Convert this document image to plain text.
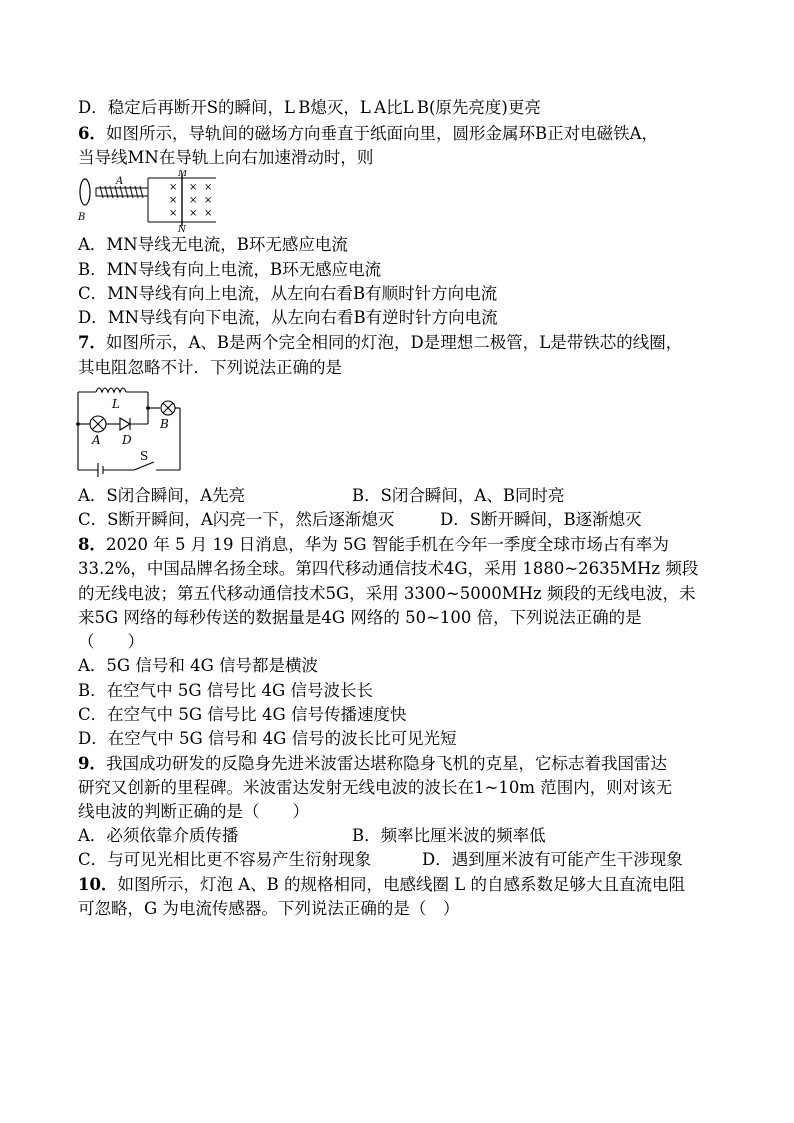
D．稳定后再断开S的瞬间，L B熄灭，L A比L B(原先亮度)更亮
6．如图所示，导轨间的磁场方向垂直于纸面向里，圆形金属环B正对电磁铁A，
当导线MN在导轨上向右加速滑动时，则
B
A
M
N
× × ×
× × ×
× × ×
A．MN导线无电流，B环无感应电流
B．MN导线有向上电流，B环无感应电流
C．MN导线有向上电流，从左向右看B有顺时针方向电流
D．MN导线有向下电流，从左向右看B有逆时针方向电流
7．如图所示，A、B是两个完全相同的灯泡，D是理想二极管，L是带铁芯的线圈，
其电阻忽略不计．下列说法正确的是
L
A D
B
S
A．S闭合瞬间，A先亮	B．S闭合瞬间，A、B同时亮
C．S断开瞬间，A闪亮一下，然后逐渐熄灭	D．S断开瞬间，B逐渐熄灭
8．2020 年 5 月 19 日消息，华为 5G 智能手机在今年一季度全球市场占有率为
33.2%，中国品牌名扬全球。第四代移动通信技术4G，采用 1880~2635MHz 频段
的无线电波；第五代移动通信技术5G，采用 3300~5000MHz 频段的无线电波，未
来5G 网络的每秒传送的数据量是4G 网络的 50~100 倍，下列说法正确的是
（　　）
A．5G 信号和 4G 信号都是横波
B．在空气中 5G 信号比 4G 信号波长长
C．在空气中 5G 信号比 4G 信号传播速度快
D．在空气中 5G 信号和 4G 信号的波长比可见光短
9．我国成功研发的反隐身先进米波雷达堪称隐身飞机的克星，它标志着我国雷达
研究又创新的里程碑。米波雷达发射无线电波的波长在1~10m 范围内，则对该无
线电波的判断正确的是（　　）
A．必须依靠介质传播	B．频率比厘米波的频率低
C．与可见光相比更不容易产生衍射现象	D．遇到厘米波有可能产生干涉现象
10．如图所示，灯泡 A、B 的规格相同，电感线圈 L 的自感系数足够大且直流电阻
可忽略，G 为电流传感器。下列说法正确的是（　）
